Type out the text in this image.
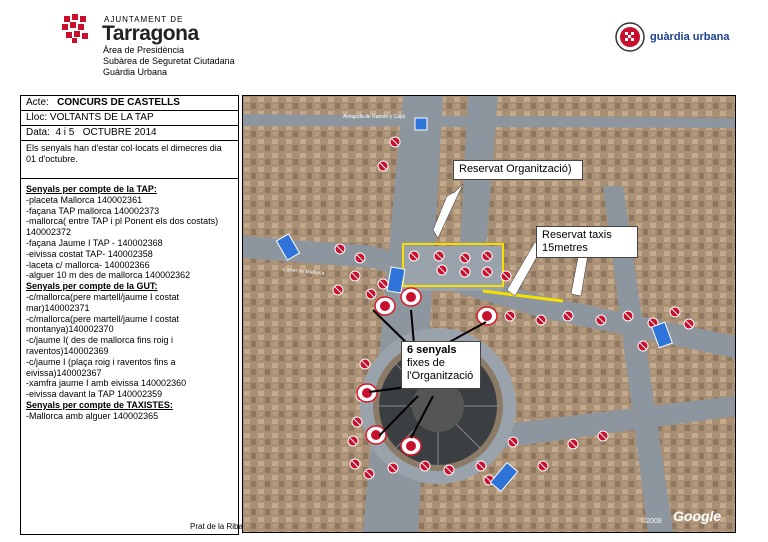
AJUNTAMENT DE
Tarragona
Àrea de Presidència
Subàrea de Seguretat Ciutadana
Guàrdia Urbana
guàrdia urbana
Acte: CONCURS DE CASTELLS
Lloc: VOLTANTS DE LA TAP
Data: 4 i 5   OCTUBRE 2014
Els senyals han d'estar col·locats el dimecres dia 01 d'octubre.
Senyals per compte de la TAP:
-placeta Mallorca 140002361
-façana TAP mallorca 140002373
-mallorca( entre TAP i pl Ponent els dos costats) 140002372
-façana Jaume I TAP - 140002368
-eivissa costat TAP- 140002358
-laceta c/ mallorca- 140002366
-alguer 10 m des de mallorca 140002362
Senyals per compte de la GUT:
-c/mallorca(pere martell/jaume I costat mar)140002371
-c/mallorca(pere martell/jaume I costat montanya)140002370
-c/jaume I( des de mallorca fins roig i raventos)140002369
-c/jaume I (plaça roig i raventos fins a eivissa)140002367
-xamfra jaume I amb eivissa 140002360
-eivissa davant la TAP 140002359
Senyals per compte de TAXISTES:
-Mallorca amb alguer 140002365
Prat de la Riba
Carrer de Mallorca
Avinguda de Ramón y Cajal
Reservat Organització)
Reservat taxis
15metres
6 senyals
fixes de
l'Organització
©2009 Google
